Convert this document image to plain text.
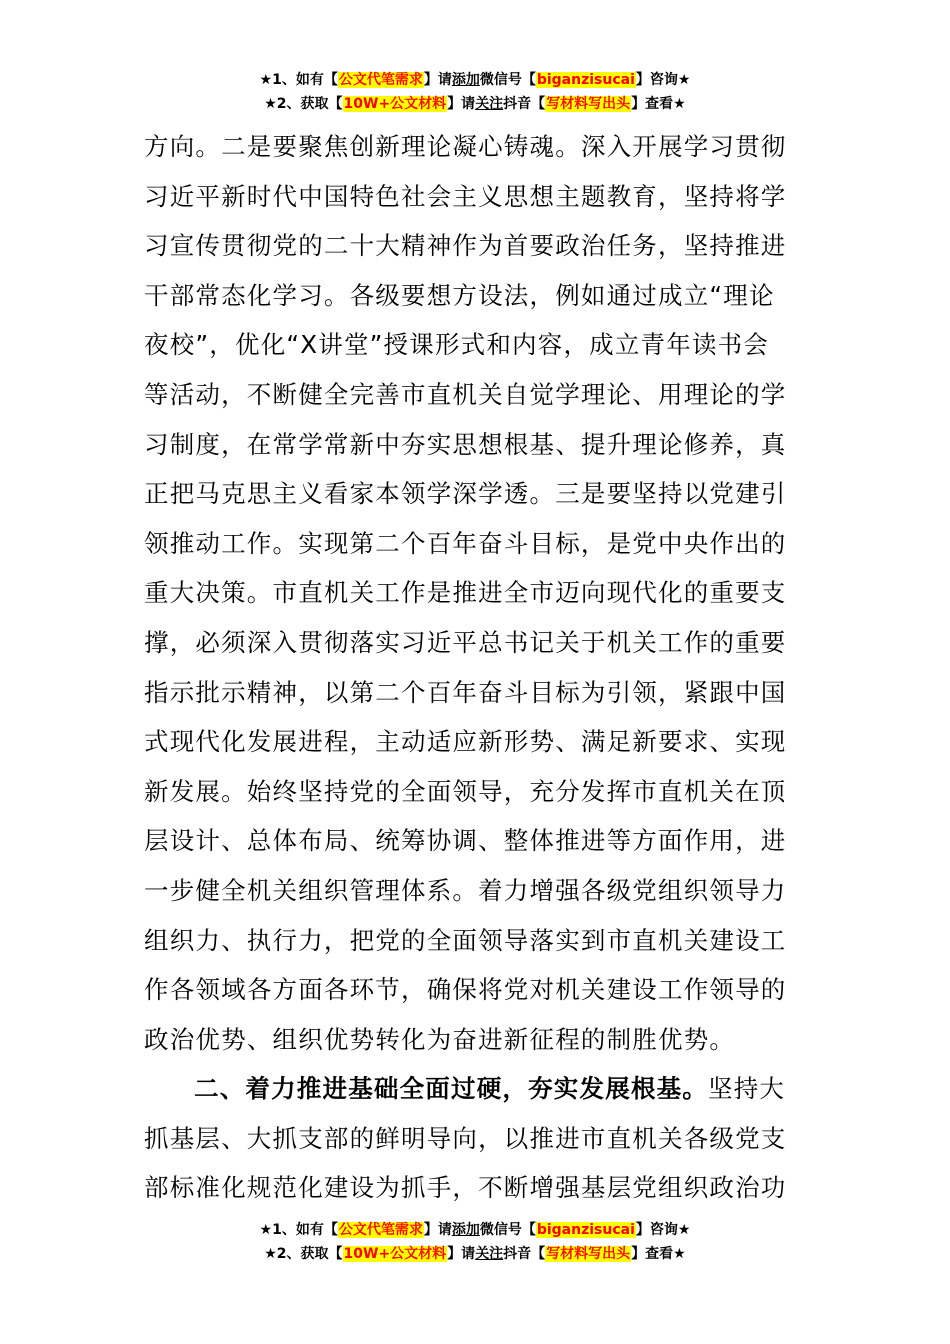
★1、如有【公文代笔需求】请添加微信号【biganzisucai】咨询★
★2、获取【10W+公文材料】请关注抖音【写材料写出头】查看★
方向。二是要聚焦创新理论凝心铸魂。深入开展学习贯彻
习近平新时代中国特色社会主义思想主题教育，坚持将学
习宣传贯彻党的二十大精神作为首要政治任务，坚持推进
干部常态化学习。各级要想方设法，例如通过成立“理论
夜校”，优化“X讲堂”授课形式和内容，成立青年读书会
等活动，不断健全完善市直机关自觉学理论、用理论的学
习制度，在常学常新中夯实思想根基、提升理论修养，真
正把马克思主义看家本领学深学透。三是要坚持以党建引
领推动工作。实现第二个百年奋斗目标，是党中央作出的
重大决策。市直机关工作是推进全市迈向现代化的重要支
撑，必须深入贯彻落实习近平总书记关于机关工作的重要
指示批示精神，以第二个百年奋斗目标为引领，紧跟中国
式现代化发展进程，主动适应新形势、满足新要求、实现
新发展。始终坚持党的全面领导，充分发挥市直机关在顶
层设计、总体布局、统筹协调、整体推进等方面作用，进
一步健全机关组织管理体系。着力增强各级党组织领导力
组织力、执行力，把党的全面领导落实到市直机关建设工
作各领域各方面各环节，确保将党对机关建设工作领导的
政治优势、组织优势转化为奋进新征程的制胜优势。
二、着力推进基础全面过硬，夯实发展根基。坚持大
抓基层、大抓支部的鲜明导向，以推进市直机关各级党支
部标准化规范化建设为抓手，不断增强基层党组织政治功
★1、如有【公文代笔需求】请添加微信号【biganzisucai】咨询★
★2、获取【10W+公文材料】请关注抖音【写材料写出头】查看★
